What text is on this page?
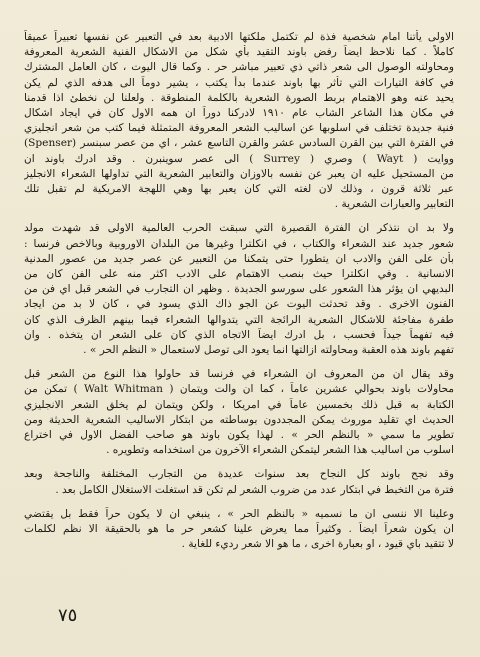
الاولى يأتنا امام شخصية فذة لم تكتمل ملكتها الادبية بعد في التعبير عن نفسها تعبيراً عميقاً
كاملاً . كما نلاحظ ايضاً رفض باوند التقيد بأي شكل من الاشكال الفنية الشعرية المعروفة
ومحاولته الوصول الى شعر ذاتي ذي تعبير مباشر حر . وكما قال اليوت ، كان العامل المشترك
في كافة التيارات التي تأثر بها باوند عندما بدأ يكتب ، يشير دوماً الى هدفه الذي لم يكن
يحيد عنه وهو الاهتمام بربط الصورة الشعرية بالكلمة المنطوقة . ولعلنا لن نخطئ اذا قدمنا
في مكان هذا الشاعر الشاب عام ١٩١٠ لادركنا دوراً ان همه الاول كان في ايجاد اشكال
فنية جديدة تختلف في اسلوبها عن اساليب الشعر المعروفة المتمثلة فيما كتب من شعر انجليزي
في الفترة التي بين القرن السادس عشر والقرن التاسع عشر ، اي من عصر سبنسر (Spenser)
ووايت ( Wayt ) وصري ( Surrey ) الى عصر سوينبرن . وقد ادرك باوند ان
من المستحيل عليه ان يعبر عن نفسه بالاوزان والتعابير الشعرية التي تداولها الشعراء الانجليز
عبر ثلاثة قرون ، وذلك لان لغته التي كان يعبر بها وهي اللهجة الامريكية لم تقبل تلك
التعابير والعبارات الشعرية .
ولا بد ان نتذكر ان الفترة القصيرة التي سبقت الحرب العالمية الاولى قد شهدت مولد
شعور جديد عند الشعراء والكتاب ، في انكلترا وغيرها من البلدان الاوروبية وبالاخص فرنسا :
بأن على الفن والادب ان يتطورا حتى يتمكنا من التعبير عن عصر جديد من عصور المدنية
الانسانية . وفي انكلترا حيث بنصب الاهتمام على الادب اكثر منه على الفن كان من
البديهي ان يؤثر هذا الشعور على سورسو الجديدة . وظهر ان التجارب في الشعر قبل اي فن من
الفنون الاخرى . وقد تحدثت اليوت عن الجو ذاك الذي يسود في ، كان لا بد من ايجاد
طفرة مفاجئة للاشكال الشعرية الرائجة التي يتدوالها الشعراء فيما بينهم الظرف الذي كان
فيه تفهماً جيداً فحسب ، بل ادرك ايضاً الاتجاه الذي كان على الشعر ان يتخذه . وان
تفهم باوند هذه العقبة ومحاولته ازالتها انما يعود الى توصل لاستعمال « النظم الحر » .
وقد يقال ان من المعروف ان الشعراء في فرنسا قد حاولوا هذا النوع من الشعر قبل
محاولات باوند بحوالي عشرين عاماً ، كما ان والت ويتمان ( Walt Whitman ) تمكن من
الكتابة به قبل ذلك بخمسين عاماً في امريكا ، ولكن ويتمان لم يخلق الشعر الانجليزي
الحديث اي تقليد موروث يمكن المجددون بوساطته من ابتكار الاساليب الشعرية الحديثة ومن
تطوير ما سمي « بالنظم الحر » . لهذا يكون باوند هو صاحب الفضل الاول في اختراع
اسلوب من اساليب هذا الشعر ليتمكن الشعراء الآخرون من استخدامه وتطويره .
وقد نجح باوند كل النجاح بعد سنوات عديدة من التجارب المختلفة والناجحة وبعد
فترة من التخبط في ابتكار عدد من ضروب الشعر لم تكن قد استغلت الاستغلال الكامل بعد .
وعلينا الا ننسى ان ما نسميه « بالنظم الحر » ، ينبغي ان لا يكون حراً فقط بل يقتضي
ان يكون شعراً ايضاً . وكثيراً مما يعرض علينا كشعر حر ما هو بالحقيقة الا نظم لكلمات
لا تتقيد باي قيود ، او بعبارة اخرى ، ما هو الا شعر رديء للغاية .
٧٥
